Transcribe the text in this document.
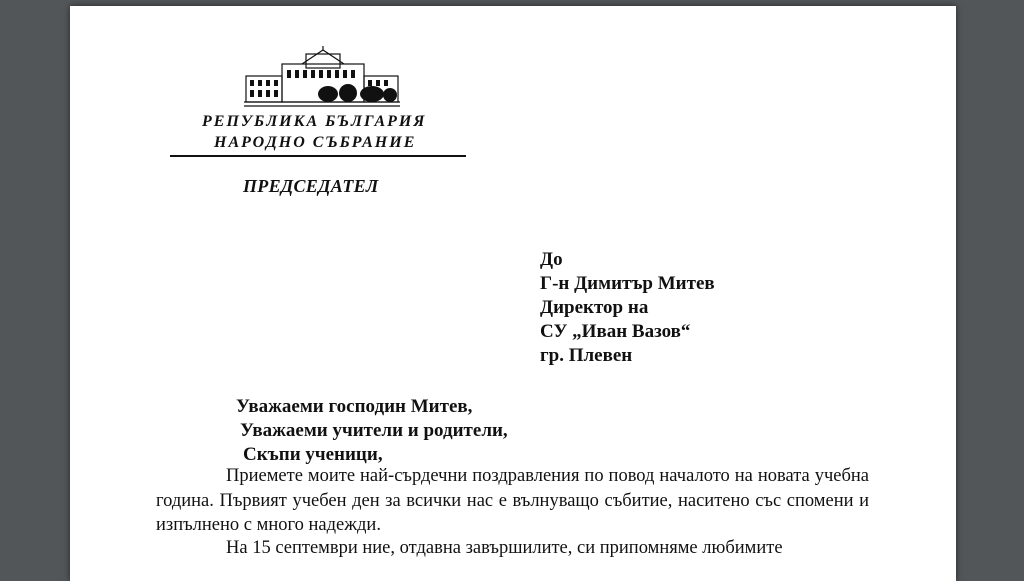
РЕПУБЛИКА БЪЛГАРИЯ
НАРОДНО СЪБРАНИЕ
ПРЕДСЕДАТЕЛ
До
Г-н Димитър Митев
Директор на
СУ „Иван Вазов“
гр. Плевен
Уважаеми господин Митев,
Уважаеми учители и родители,
Скъпи ученици,
Приемете моите най-сърдечни поздравления по повод началото на новата учебна година. Първият учебен ден за всички нас е вълнуващо събитие, наситено със спомени и изпълнено с много надежди.
На 15 септември ние, отдавна завършилите, си припомняме любимите
